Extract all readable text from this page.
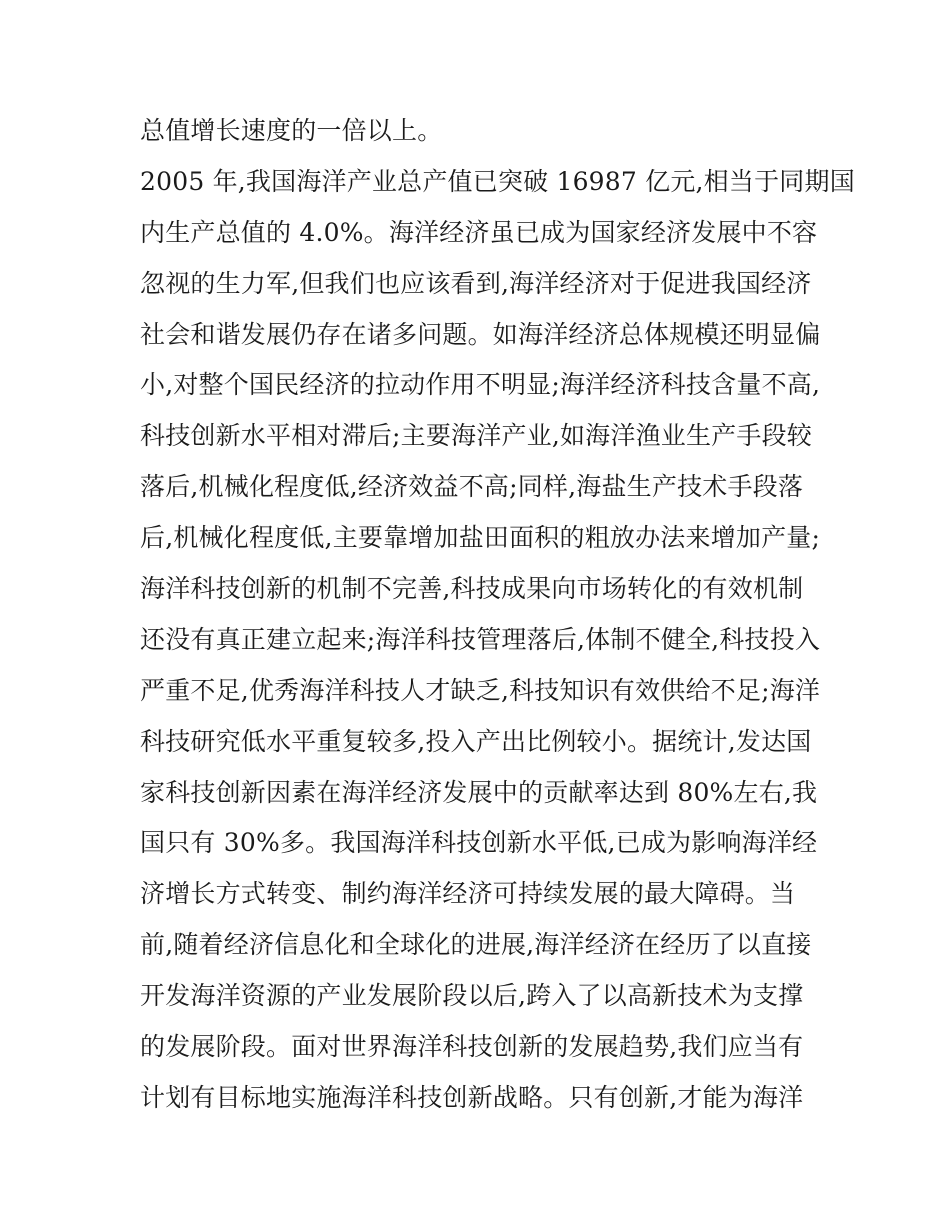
总值增长速度的一倍以上。
2005 年,我国海洋产业总产值已突破 16987 亿元,相当于同期国
内生产总值的 4.0%。海洋经济虽已成为国家经济发展中不容
忽视的生力军,但我们也应该看到,海洋经济对于促进我国经济
社会和谐发展仍存在诸多问题。如海洋经济总体规模还明显偏
小,对整个国民经济的拉动作用不明显;海洋经济科技含量不高,
科技创新水平相对滞后;主要海洋产业,如海洋渔业生产手段较
落后,机械化程度低,经济效益不高;同样,海盐生产技术手段落
后,机械化程度低,主要靠增加盐田面积的粗放办法来增加产量;
海洋科技创新的机制不完善,科技成果向市场转化的有效机制
还没有真正建立起来;海洋科技管理落后,体制不健全,科技投入
严重不足,优秀海洋科技人才缺乏,科技知识有效供给不足;海洋
科技研究低水平重复较多,投入产出比例较小。据统计,发达国
家科技创新因素在海洋经济发展中的贡献率达到 80%左右,我
国只有 30%多。我国海洋科技创新水平低,已成为影响海洋经
济增长方式转变、制约海洋经济可持续发展的最大障碍。当
前,随着经济信息化和全球化的进展,海洋经济在经历了以直接
开发海洋资源的产业发展阶段以后,跨入了以高新技术为支撑
的发展阶段。面对世界海洋科技创新的发展趋势,我们应当有
计划有目标地实施海洋科技创新战略。只有创新,才能为海洋
